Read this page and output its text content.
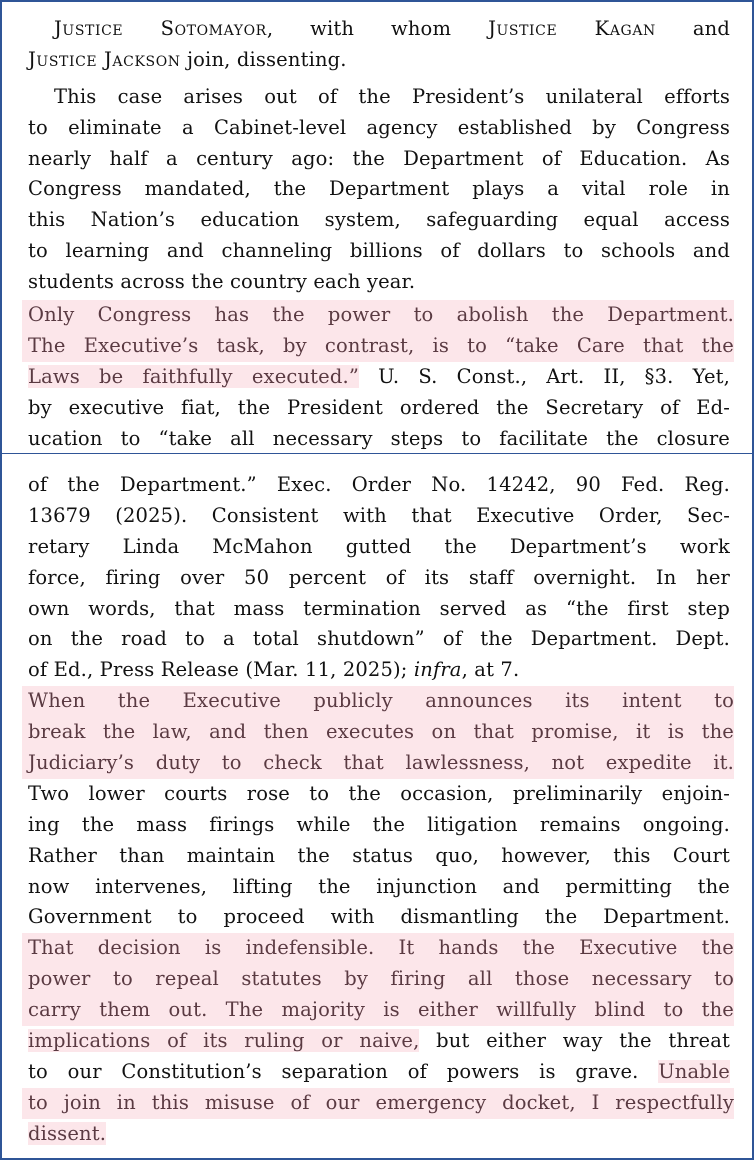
Justice Sotomayor, with whom Justice Kagan and
Justice Jackson join, dissenting.
This case arises out of the President’s unilateral efforts
to eliminate a Cabinet-level agency established by Congress
nearly half a century ago: the Department of Education. As
Congress mandated, the Department plays a vital role in
this Nation’s education system, safeguarding equal access
to learning and channeling billions of dollars to schools and
students across the country each year.
Only Congress has the power to abolish the Department.
The Executive’s task, by contrast, is to “take Care that the
Laws be faithfully executed.” U. S. Const., Art. II, §3. Yet,
by executive fiat, the President ordered the Secretary of Ed-
ucation to “take all necessary steps to facilitate the closure
of the Department.” Exec. Order No. 14242, 90 Fed. Reg.
13679 (2025). Consistent with that Executive Order, Sec-
retary Linda McMahon gutted the Department’s work
force, firing over 50 percent of its staff overnight. In her
own words, that mass termination served as “the first step
on the road to a total shutdown” of the Department. Dept.
of Ed., Press Release (Mar. 11, 2025); infra, at 7.
When the Executive publicly announces its intent to
break the law, and then executes on that promise, it is the
Judiciary’s duty to check that lawlessness, not expedite it.
Two lower courts rose to the occasion, preliminarily enjoin-
ing the mass firings while the litigation remains ongoing.
Rather than maintain the status quo, however, this Court
now intervenes, lifting the injunction and permitting the
Government to proceed with dismantling the Department.
That decision is indefensible. It hands the Executive the
power to repeal statutes by firing all those necessary to
carry them out. The majority is either willfully blind to the
implications of its ruling or naive, but either way the threat
to our Constitution’s separation of powers is grave. Unable
to join in this misuse of our emergency docket, I respectfully
dissent.
